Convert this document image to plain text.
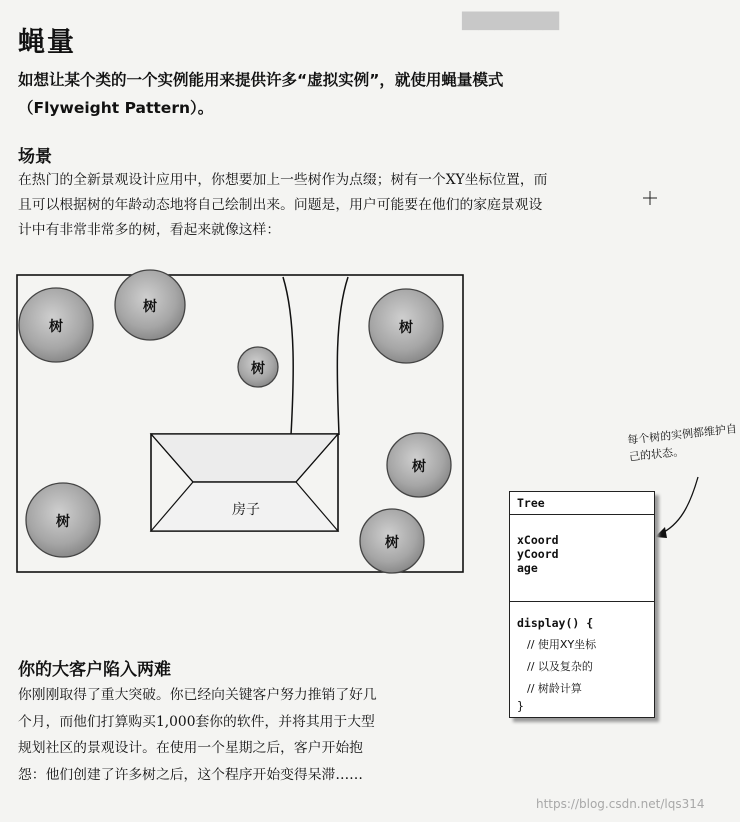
▆▆▆▆▆▆
蝇量

如想让某个类的一个实例能用来提供许多“虚拟实例”，就使用蝇量模式（Flyweight Pattern）。

场景

在热门的全新景观设计应用中，你想要加上一些树作为点缀；树有一个XY坐标位置，而且可以根据树的年龄动态地将自己绘制出来。问题是，用户可能要在他们的家庭景观设计中有非常非常多的树，看起来就像这样：

树
树
树
树
树
树
树
房子	Tree
xCoord
yCoord
age
display() {
// 使用XY坐标
// 以及复杂的
// 树龄计算
}
每个树的实例都维护自己的状态。
你的大客户陷入两难

你刚刚取得了重大突破。你已经向关键客户努力推销了好几个月，而他们打算购买1,000套你的软件，并将其用于大型规划社区的景观设计。在使用一个星期之后，客户开始抱怨：他们创建了许多树之后，这个程序开始变得呆滞……

https://blog.csdn.net/lqs314
